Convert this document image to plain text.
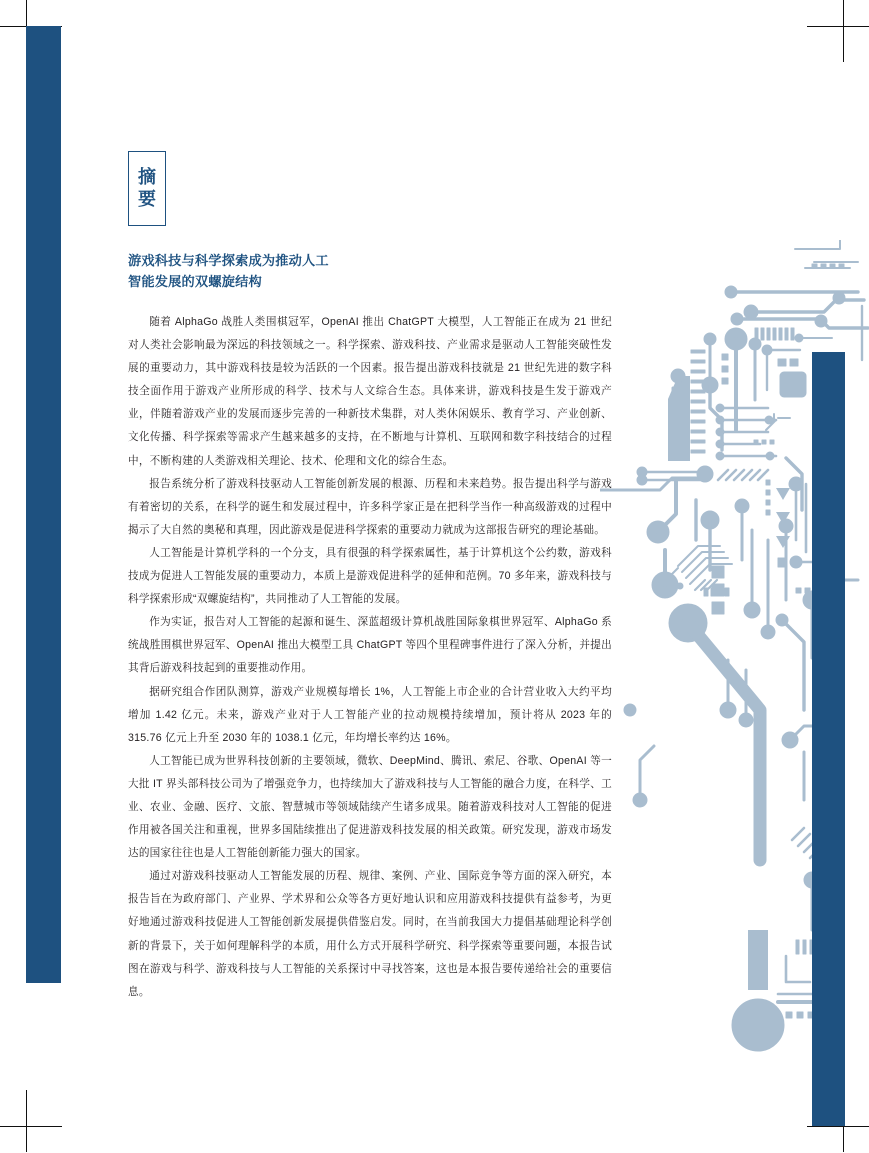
摘
要
游戏科技与科学探索成为推动人工
智能发展的双螺旋结构

随着 AlphaGo 战胜人类围棋冠军，OpenAI 推出 ChatGPT 大模型，人工智能正在成为 21 世纪对人类社会影响最为深远的科技领域之一。科学探索、游戏科技、产业需求是驱动人工智能突破性发展的重要动力，其中游戏科技是较为活跃的一个因素。报告提出游戏科技就是 21 世纪先进的数字科技全面作用于游戏产业所形成的科学、技术与人文综合生态。具体来讲，游戏科技是生发于游戏产业，伴随着游戏产业的发展而逐步完善的一种新技术集群，对人类休闲娱乐、教育学习、产业创新、文化传播、科学探索等需求产生越来越多的支持，在不断地与计算机、互联网和数字科技结合的过程中，不断构建的人类游戏相关理论、技术、伦理和文化的综合生态。

报告系统分析了游戏科技驱动人工智能创新发展的根源、历程和未来趋势。报告提出科学与游戏有着密切的关系，在科学的诞生和发展过程中，许多科学家正是在把科学当作一种高级游戏的过程中揭示了大自然的奥秘和真理，因此游戏是促进科学探索的重要动力就成为这部报告研究的理论基础。

人工智能是计算机学科的一个分支，具有很强的科学探索属性，基于计算机这个公约数，游戏科技成为促进人工智能发展的重要动力，本质上是游戏促进科学的延伸和范例。70 多年来，游戏科技与科学探索形成“双螺旋结构”，共同推动了人工智能的发展。

作为实证，报告对人工智能的起源和诞生、深蓝超级计算机战胜国际象棋世界冠军、AlphaGo 系统战胜围棋世界冠军、OpenAI 推出大模型工具 ChatGPT 等四个里程碑事件进行了深入分析，并提出其背后游戏科技起到的重要推动作用。

据研究组合作团队测算，游戏产业规模每增长 1%，人工智能上市企业的合计营业收入大约平均增加 1.42 亿元。未来，游戏产业对于人工智能产业的拉动规模持续增加，预计将从 2023 年的 315.76 亿元上升至 2030 年的 1038.1 亿元，年均增长率约达 16%。

人工智能已成为世界科技创新的主要领域，微软、DeepMind、腾讯、索尼、谷歌、OpenAI 等一大批 IT 界头部科技公司为了增强竞争力，也持续加大了游戏科技与人工智能的融合力度，在科学、工业、农业、金融、医疗、文旅、智慧城市等领域陆续产生诸多成果。随着游戏科技对人工智能的促进作用被各国关注和重视，世界多国陆续推出了促进游戏科技发展的相关政策。研究发现，游戏市场发达的国家往往也是人工智能创新能力强大的国家。

通过对游戏科技驱动人工智能发展的历程、规律、案例、产业、国际竞争等方面的深入研究，本报告旨在为政府部门、产业界、学术界和公众等各方更好地认识和应用游戏科技提供有益参考，为更好地通过游戏科技促进人工智能创新发展提供借鉴启发。同时，在当前我国大力提倡基础理论科学创新的背景下，关于如何理解科学的本质，用什么方式开展科学研究、科学探索等重要问题，本报告试图在游戏与科学、游戏科技与人工智能的关系探讨中寻找答案，这也是本报告要传递给社会的重要信息。
